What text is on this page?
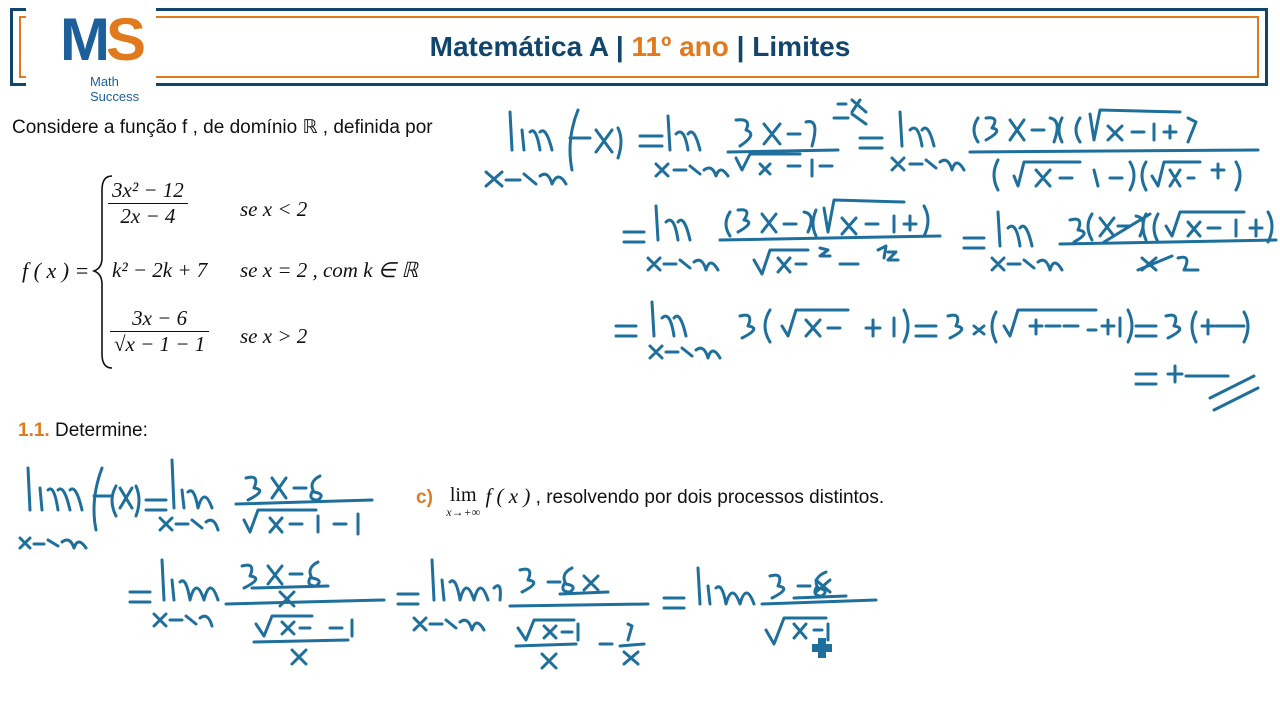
MS
Math Success
Matemática A | 11º ano | Limites
Considere a função f , de domínio ℝ , definida por
f ( x ) =
$\frac{\text{3x² − 12}}{2x - 4}$ se x < 2
k² − 2k + 7 se x = 2 , com k ∈ ℝ
$\frac{3x - 6}{√x - 1 - 1}$ se x > 2
1.1. Determine:
c) lim
x→+∞
f ( x ) , resolvendo por dois processos distintos.
